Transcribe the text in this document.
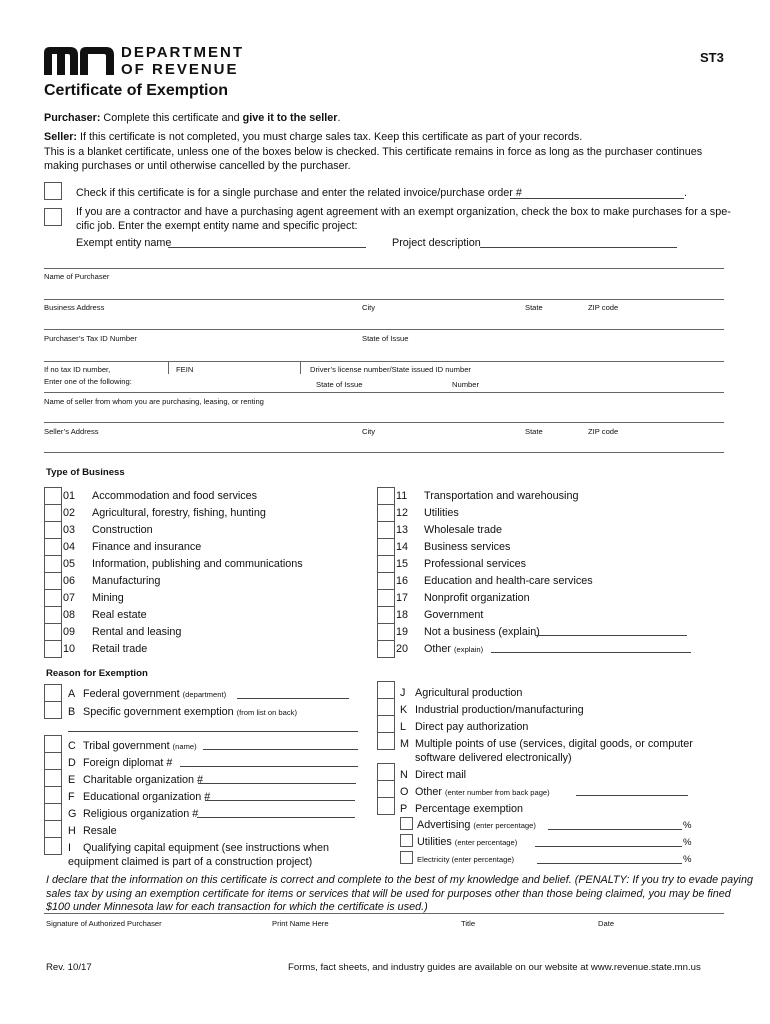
DEPARTMENT
OF REVENUE
ST3
Certificate of Exemption
Purchaser: Complete this certificate and give it to the seller.
Seller: If this certificate is not completed, you must charge sales tax. Keep this certificate as part of your records.
This is a blanket certificate, unless one of the boxes below is checked. This certificate remains in force as long as the purchaser continues
making purchases or until otherwise cancelled by the purchaser.
Check if this certificate is for a single purchase and enter the related invoice/purchase order #	.
If you are a contractor and have a purchasing agent agreement with an exempt organization, check the box to make purchases for a spe-
cific job. Enter the exempt entity name and specific project:
Exempt entity name	Project description
Name of Purchaser
Business Address	City	State	ZIP code
Purchaser’s Tax ID Number	State of Issue
If no tax ID number,
Enter one of the following:
FEIN	Driver’s license number/State issued ID number
State of Issue	Number
Name of seller from whom you are purchasing, leasing, or renting
Seller’s Address	City	State	ZIP code
Type of Business
01 Accommodation and food services
02 Agricultural, forestry, fishing, hunting
03 Construction
04 Finance and insurance
05 Information, publishing and communications
06 Manufacturing
07 Mining
08 Real estate
09 Rental and leasing
10 Retail trade
11 Transportation and warehousing
12 Utilities
13 Wholesale trade
14 Business services
15 Professional services
16 Education and health-care services
17 Nonprofit organization
18 Government
19 Not a business (explain)
20 Other (explain)
Reason for Exemption
A Federal government (department)
B Specific government exemption (from list on back)
C Tribal government (name)
D Foreign diplomat #
E Charitable organization #
F Educational organization #
G Religious organization #
H Resale
I Qualifying capital equipment (see instructions when
equipment claimed is part of a construction project)
J Agricultural production
K Industrial production/manufacturing
L Direct pay authorization
M Multiple points of use (services, digital goods, or computer
software delivered electronically)
N Direct mail
O Other (enter number from back page)
P Percentage exemption
Advertising (enter percentage)	%
Utilities (enter percentage)	%
Electricity (enter percentage)	%
I declare that the information on this certificate is correct and complete to the best of my knowledge and belief. (PENALTY: If you try to evade paying
sales tax by using an exemption certificate for items or services that will be used for purposes other than those being claimed, you may be fined
$100 under Minnesota law for each transaction for which the certificate is used.)
Signature of Authorized Purchaser	Print Name Here	Title	Date
Rev. 10/17	Forms, fact sheets, and industry guides are available on our website at www.revenue.state.mn.us
